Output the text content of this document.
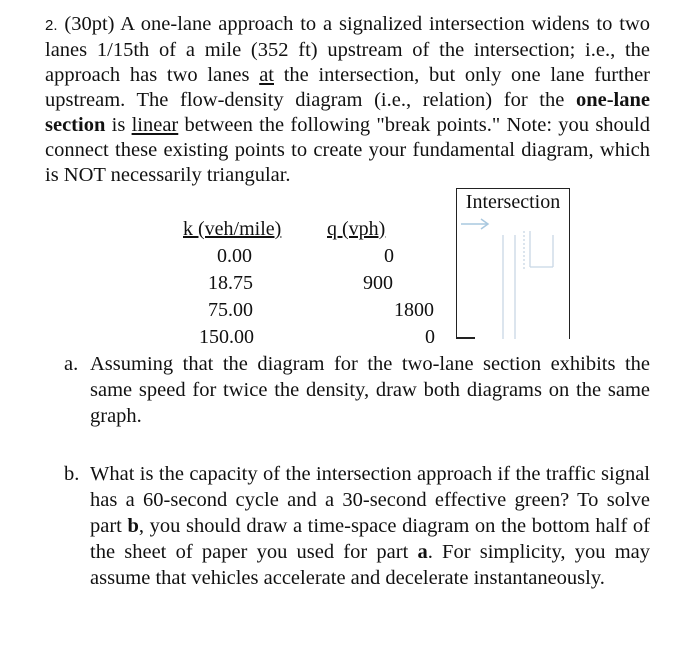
2. (30pt) A one-lane approach to a signalized intersection widens to two lanes 1/15th of a mile (352 ft) upstream of the intersection; i.e., the approach has two lanes at the intersection, but only one lane further upstream. The flow-density diagram (i.e., relation) for the one-lane section is linear between the following "break points." Note: you should connect these existing points to create your fundamental diagram, which is NOT necessarily triangular.
Intersection
k (veh/mile) q (vph)
0.00	0
18.75	900
75.00	1800
150.00	0
a. Assuming that the diagram for the two-lane section exhibits the same speed for twice the density, draw both diagrams on the same graph.
b. What is the capacity of the intersection approach if the traffic signal has a 60-second cycle and a 30-second effective green? To solve part b, you should draw a time-space diagram on the bottom half of the sheet of paper you used for part a. For simplicity, you may assume that vehicles accelerate and decelerate instantaneously.
